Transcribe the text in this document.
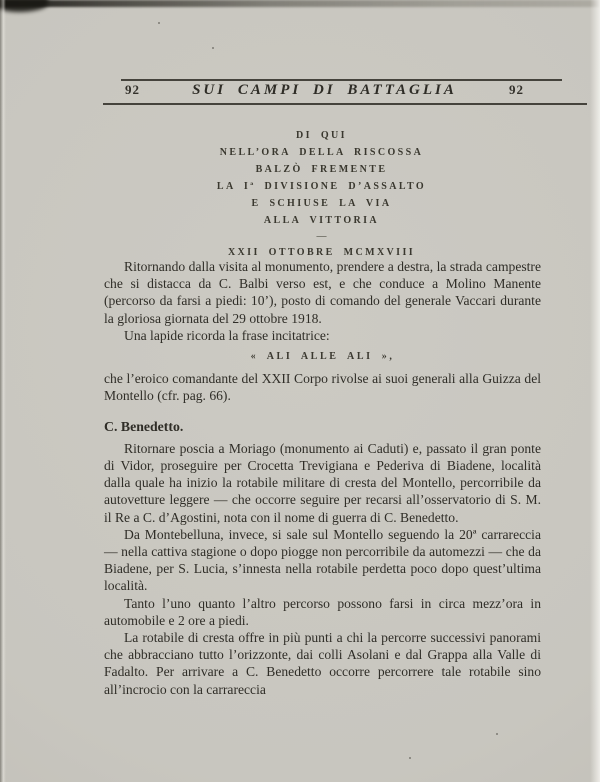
92	SUI CAMPI DI BATTAGLIA	92
DI QUI
NELL’ORA DELLA RISCOSSA
BALZÒ FREMENTE
LA Iª DIVISIONE D’ASSALTO
E SCHIUSE LA VIA
ALLA VITTORIA
—
XXII OTTOBRE MCMXVIII

Ritornando dalla visita al monumento, prendere a destra, la strada campestre che si distacca da C. Balbi verso est, e che conduce a Molino Manente (percorso da farsi a piedi: 10’), posto di comando del generale Vaccari durante la gloriosa giornata del 29 ottobre 1918.

Una lapide ricorda la frase incitatrice:

« ALI ALLE ALI »,

che l’eroico comandante del XXII Corpo rivolse ai suoi generali alla Guizza del Montello (cfr. pag. 66).

C. Benedetto.

Ritornare poscia a Moriago (monumento ai Caduti) e, passato il gran ponte di Vidor, proseguire per Crocetta Trevigiana e Pederiva di Biadene, località dalla quale ha inizio la rotabile militare di cresta del Montello, percorribile da autovetture leggere — che occorre seguire per recarsi all’osservatorio di S. M. il Re a C. d’Agostini, nota con il nome di guerra di C. Benedetto.

Da Montebelluna, invece, si sale sul Montello seguendo la 20ª carrareccia — nella cattiva stagione o dopo piogge non percorribile da automezzi — che da Biadene, per S. Lucia, s’innesta nella rotabile perdetta poco dopo quest’ultima località.

Tanto l’uno quanto l’altro percorso possono farsi in circa mezz’ora in automobile e 2 ore a piedi.

La rotabile di cresta offre in più punti a chi la percorre successivi panorami che abbracciano tutto l’orizzonte, dai colli Asolani e dal Grappa alla Valle di Fadalto. Per arrivare a C. Benedetto occorre percorrere tale rotabile sino all’incrocio con la carrareccia
